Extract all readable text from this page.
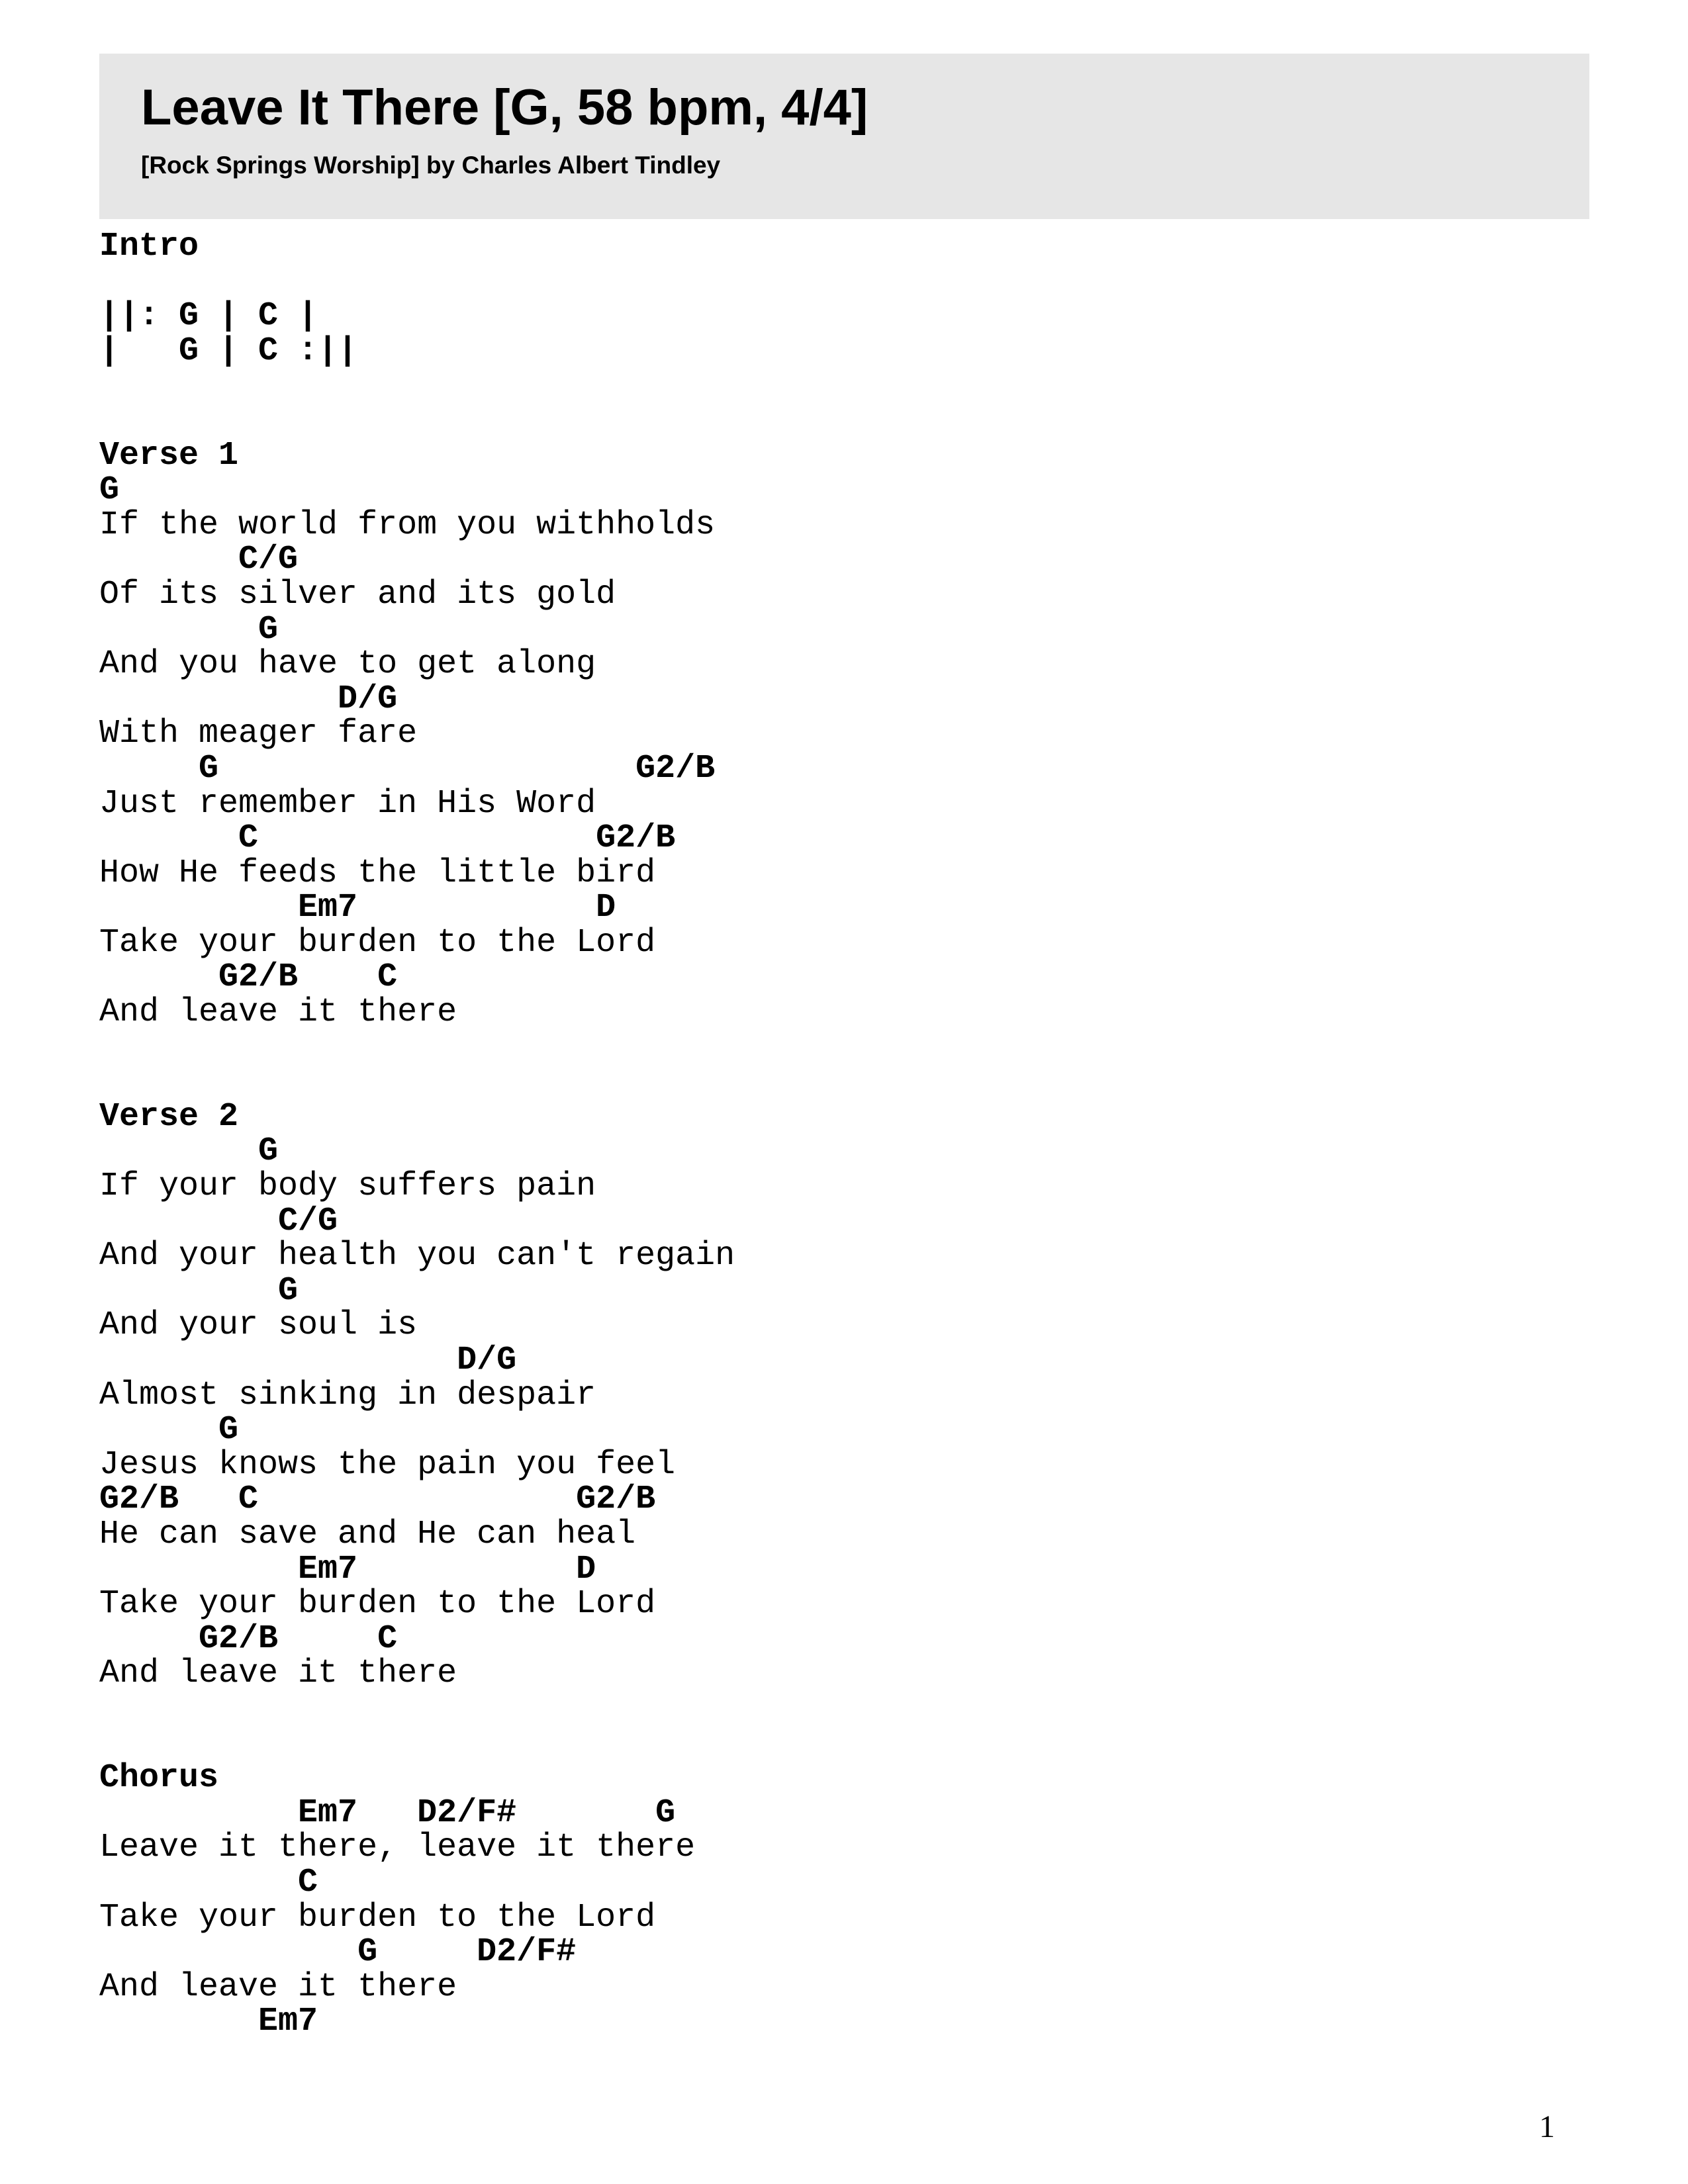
Leave It There [G, 58 bpm, 4/4]

[Rock Springs Worship] by Charles Albert Tindley

Intro
||: G | C |
|   G | C :||
Verse 1
G
If the world from you withholds
C/G
Of its silver and its gold
G
And you have to get along
D/G
With meager fare
G                     G2/B
Just remember in His Word
C                 G2/B
How He feeds the little bird
Em7            D
Take your burden to the Lord
G2/B    C
And leave it there
Verse 2
G
If your body suffers pain
C/G
And your health you can't regain
G
And your soul is
D/G
Almost sinking in despair
G
Jesus knows the pain you feel
G2/B   C                G2/B
He can save and He can heal
Em7           D
Take your burden to the Lord
G2/B     C
And leave it there
Chorus
Em7   D2/F#       G
Leave it there, leave it there
C
Take your burden to the Lord
G     D2/F#
And leave it there
Em7
1
